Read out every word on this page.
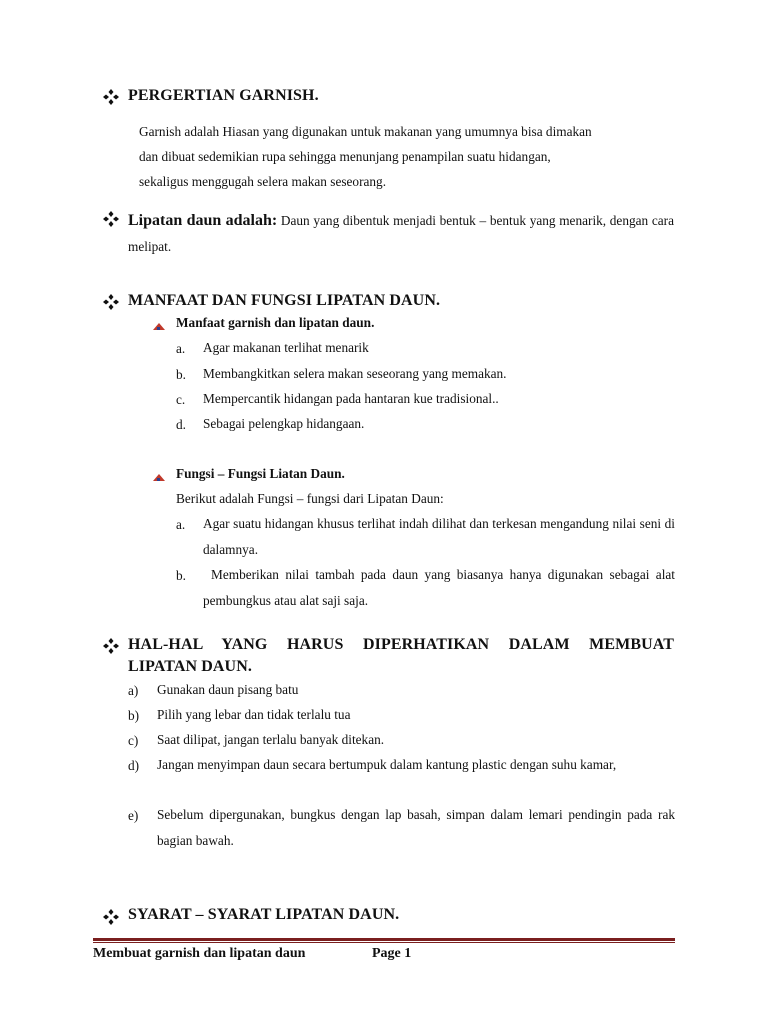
PERGERTIAN GARNISH.
Garnish adalah Hiasan yang digunakan untuk makanan yang umumnya bisa dimakan
dan dibuat sedemikian rupa sehingga menunjang penampilan suatu hidangan,
sekaligus menggugah selera makan seseorang.
Lipatan daun adalah: Daun yang dibentuk menjadi bentuk – bentuk yang menarik, dengan cara melipat.
MANFAAT DAN FUNGSI LIPATAN DAUN.
Manfaat garnish dan lipatan daun.
a. Agar makanan terlihat menarik
b. Membangkitkan selera makan seseorang yang memakan.
c. Mempercantik hidangan pada hantaran kue tradisional..
d. Sebagai pelengkap hidangaan.
Fungsi – Fungsi Liatan Daun.
Berikut adalah Fungsi – fungsi dari Lipatan Daun:
a. Agar suatu hidangan khusus terlihat indah dilihat dan terkesan mengandung nilai seni di dalamnya.
b.	Memberikan nilai tambah pada daun yang biasanya hanya digunakan sebagai alat pembungkus atau alat saji saja.
HAL-HAL YANG HARUS DIPERHATIKAN DALAM MEMBUAT
LIPATAN DAUN.
a) Gunakan daun pisang batu
b) Pilih yang lebar dan tidak terlalu tua
c) Saat dilipat, jangan terlalu banyak ditekan.
d) Jangan menyimpan daun secara bertumpuk dalam kantung plastic dengan suhu kamar,
e) Sebelum dipergunakan, bungkus dengan lap basah, simpan dalam lemari pendingin pada rak bagian bawah.
SYARAT – SYARAT LIPATAN DAUN.
Membuat garnish dan lipatan daun	Page 1
